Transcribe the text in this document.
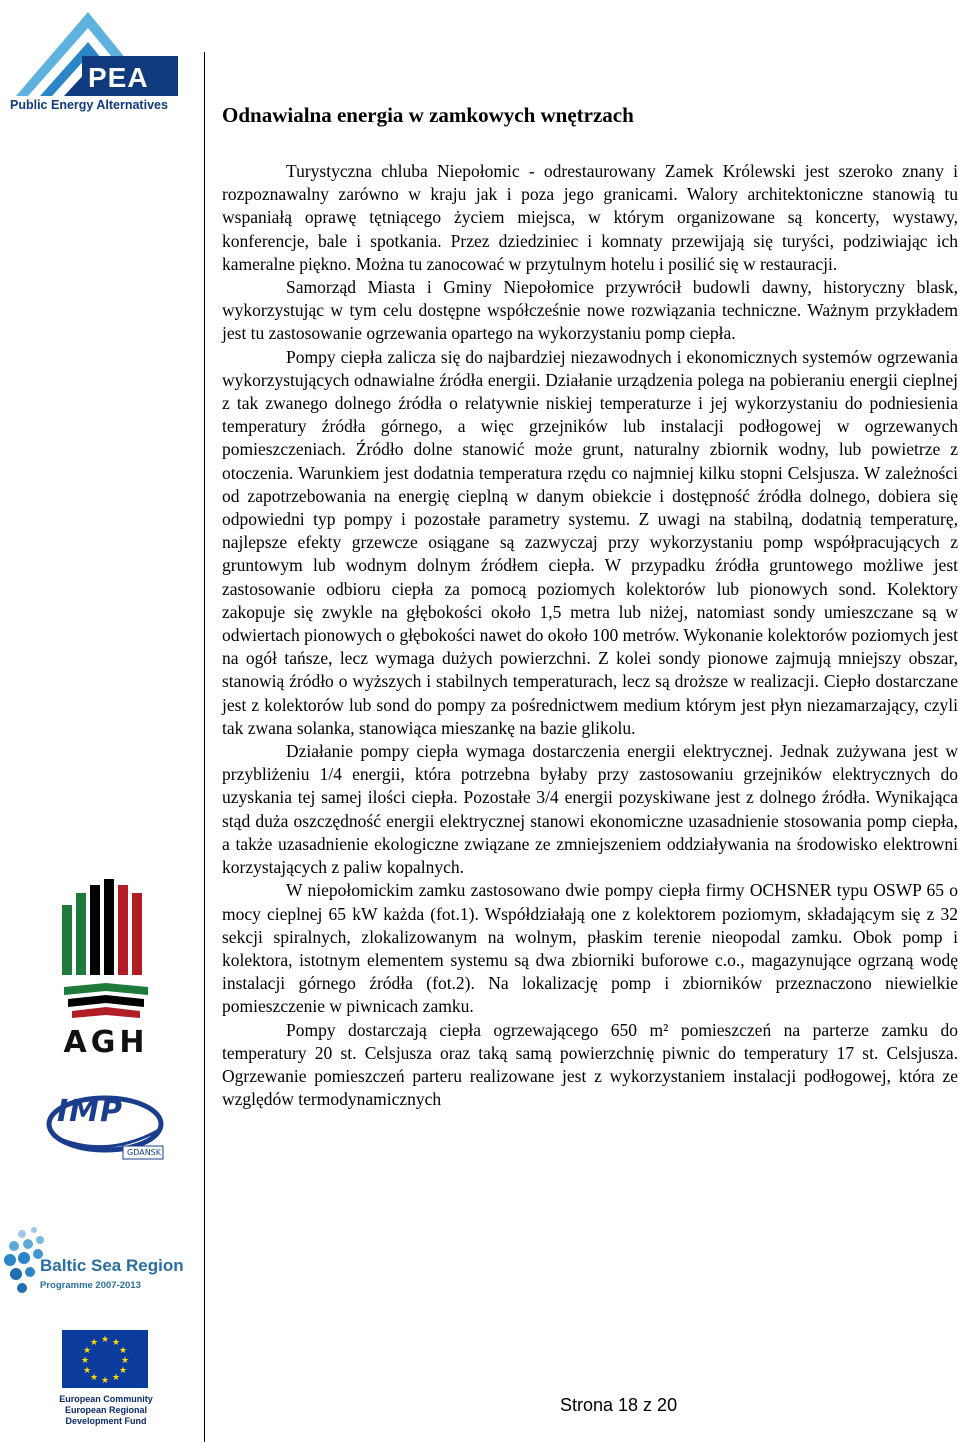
PEA
Public Energy Alternatives
AGH
IMP
GDAŃSK
Baltic Sea Region
Programme 2007-2013
★ ★
★
★
★
★
★
★
★
★
★
★
European Community
European Regional
Development Fund
Odnawialna energia w zamkowych wnętrzach

Turystyczna chluba Niepołomic - odrestaurowany Zamek Królewski jest szeroko znany i rozpoznawalny zarówno w kraju jak i poza jego granicami. Walory architektoniczne stanowią tu wspaniałą oprawę tętniącego życiem miejsca, w którym organizowane są koncerty, wystawy, konferencje, bale i spotkania. Przez dziedziniec i komnaty przewijają się turyści, podziwiając ich kameralne piękno. Można tu zanocować w przytulnym hotelu i posilić się w restauracji.

Samorząd Miasta i Gminy Niepołomice przywrócił budowli dawny, historyczny blask, wykorzystując w tym celu dostępne współcześnie nowe rozwiązania techniczne. Ważnym przykładem jest tu zastosowanie ogrzewania opartego na wykorzystaniu pomp ciepła.

Pompy ciepła zalicza się do najbardziej niezawodnych i ekonomicznych systemów ogrzewania wykorzystujących odnawialne źródła energii. Działanie urządzenia polega na pobieraniu energii cieplnej z tak zwanego dolnego źródła o relatywnie niskiej temperaturze i jej wykorzystaniu do podniesienia temperatury źródła górnego, a więc grzejników lub instalacji podłogowej w ogrzewanych pomieszczeniach. Źródło dolne stanowić może grunt, naturalny zbiornik wodny, lub powietrze z otoczenia. Warunkiem jest dodatnia temperatura rzędu co najmniej kilku stopni Celsjusza. W zależności od zapotrzebowania na energię cieplną w danym obiekcie i dostępność źródła dolnego, dobiera się odpowiedni typ pompy i pozostałe parametry systemu. Z uwagi na stabilną, dodatnią temperaturę, najlepsze efekty grzewcze osiągane są zazwyczaj przy wykorzystaniu pomp współpracujących z gruntowym lub wodnym dolnym źródłem ciepła. W przypadku źródła gruntowego możliwe jest zastosowanie odbioru ciepła za pomocą poziomych kolektorów lub pionowych sond. Kolektory zakopuje się zwykle na głębokości około 1,5 metra lub niżej, natomiast sondy umieszczane są w odwiertach pionowych o głębokości nawet do około 100 metrów. Wykonanie kolektorów poziomych jest na ogół tańsze, lecz wymaga dużych powierzchni. Z kolei sondy pionowe zajmują mniejszy obszar, stanowią źródło o wyższych i stabilnych temperaturach, lecz są droższe w realizacji. Ciepło dostarczane jest z kolektorów lub sond do pompy za pośrednictwem medium którym jest płyn niezamarzający, czyli tak zwana solanka, stanowiąca mieszankę na bazie glikolu.

Działanie pompy ciepła wymaga dostarczenia energii elektrycznej. Jednak zużywana jest w przybliżeniu 1/4 energii, która potrzebna byłaby przy zastosowaniu grzejników elektrycznych do uzyskania tej samej ilości ciepła. Pozostałe 3/4 energii pozyskiwane jest z dolnego źródła. Wynikająca stąd duża oszczędność energii elektrycznej stanowi ekonomiczne uzasadnienie stosowania pomp ciepła, a także uzasadnienie ekologiczne związane ze zmniejszeniem oddziaływania na środowisko elektrowni korzystających z paliw kopalnych.

W niepołomickim zamku zastosowano dwie pompy ciepła firmy OCHSNER typu OSWP 65 o mocy cieplnej 65 kW każda (fot.1). Współdziałają one z kolektorem poziomym, składającym się z 32 sekcji spiralnych, zlokalizowanym na wolnym, płaskim terenie nieopodal zamku. Obok pomp i kolektora, istotnym elementem systemu są dwa zbiorniki buforowe c.o., magazynujące ogrzaną wodę instalacji górnego źródła (fot.2). Na lokalizację pomp i zbiorników przeznaczono niewielkie pomieszczenie w piwnicach zamku.

Pompy dostarczają ciepła ogrzewającego 650 m² pomieszczeń na parterze zamku do temperatury 20 st. Celsjusza oraz taką samą powierzchnię piwnic do temperatury 17 st. Celsjusza. Ogrzewanie pomieszczeń parteru realizowane jest z wykorzystaniem instalacji podłogowej, która ze względów termodynamicznych

Strona 18 z 20
